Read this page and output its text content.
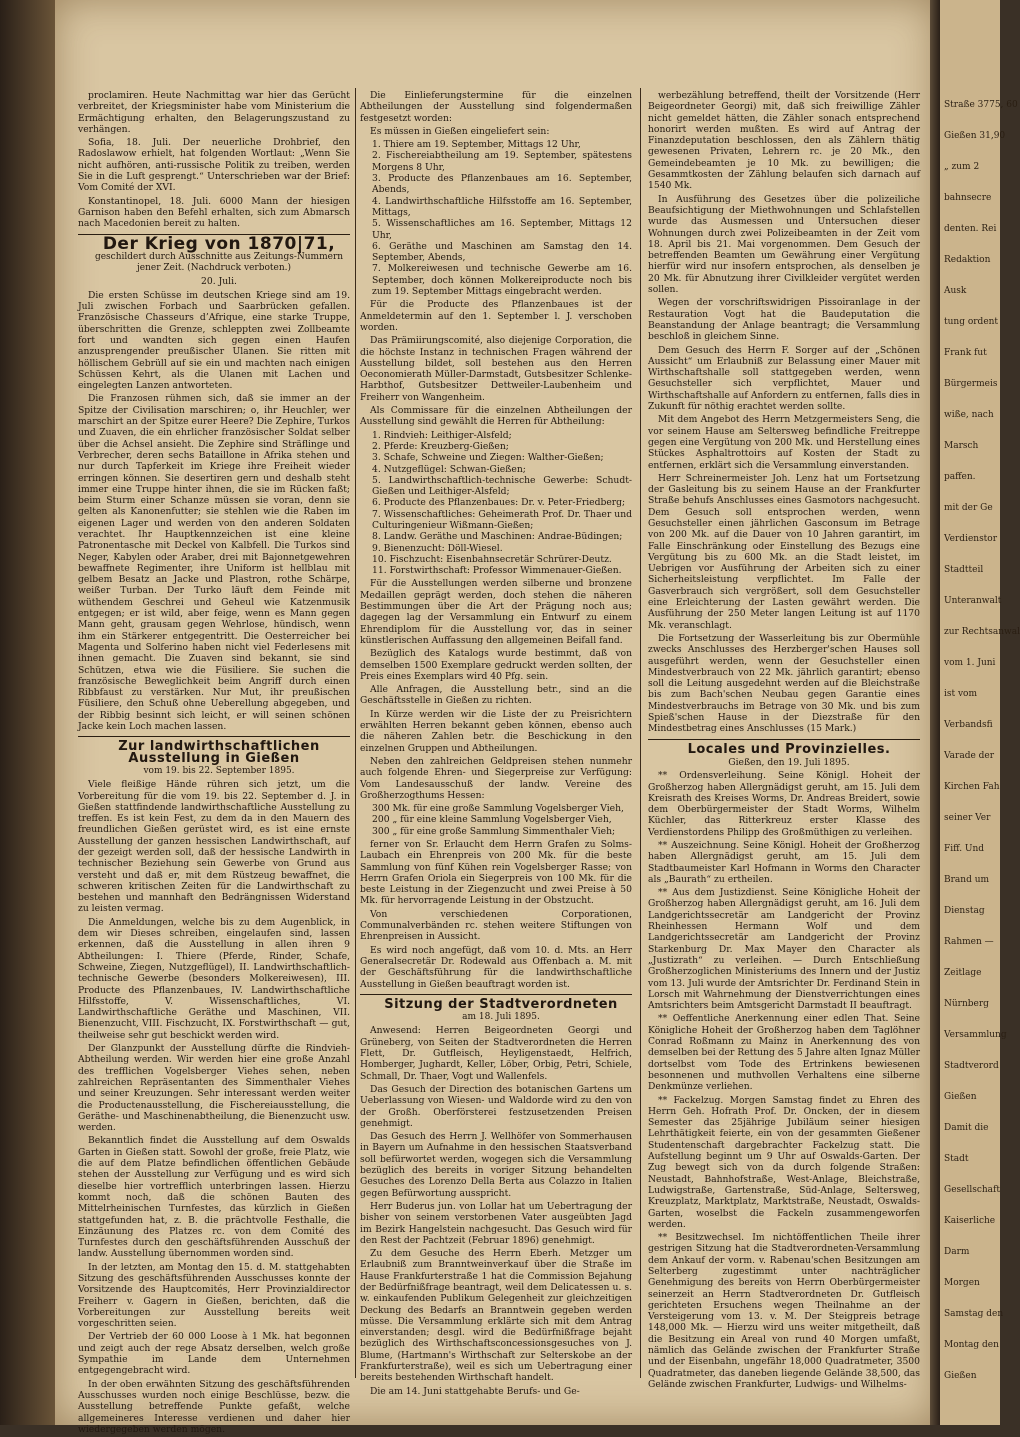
proclamiren. Heute Nachmittag war hier das Gerücht verbreitet, der Kriegsminister habe vom Ministerium die Ermächtigung erhalten, den Belagerungszustand zu verhängen.

Sofia, 18. Juli. Der neuerliche Drohbrief, den Radoslawow erhielt, hat folgenden Wortlaut: „Wenn Sie nicht aufhören, anti-russische Politik zu treiben, werden Sie in die Luft gesprengt.“ Unterschrieben war der Brief: Vom Comité der XVI.

Konstantinopel, 18. Juli. 6000 Mann der hiesigen Garnison haben den Befehl erhalten, sich zum Abmarsch nach Macedonien bereit zu halten.

Der Krieg von 1870|71,

geschildert durch Ausschnitte aus Zeitungs-Nummern jener Zeit. (Nachdruck verboten.)

20. Juli.

Die ersten Schüsse im deutschen Kriege sind am 19. Juli zwischen Forbach und Saarbrücken gefallen. Französische Chasseurs d’Afrique, eine starke Truppe, überschritten die Grenze, schleppten zwei Zollbeamte fort und wandten sich gegen einen Haufen anzusprengender preußischer Ulanen. Sie ritten mit höllischem Gebrüll auf sie ein und machten nach einigen Schüssen Kehrt, als die Ulanen mit Lachen und eingelegten Lanzen antworteten.

Die Franzosen rühmen sich, daß sie immer an der Spitze der Civilisation marschiren; o, ihr Heuchler, wer marschirt an der Spitze eurer Heere? Die Zephire, Turkos und Zuaven, die ein ehrlicher französischer Soldat selber über die Achsel ansieht. Die Zephire sind Sträflinge und Verbrecher, deren sechs Bataillone in Afrika stehen und nur durch Tapferkeit im Kriege ihre Freiheit wieder erringen können. Sie desertiren gern und deshalb steht immer eine Truppe hinter ihnen, die sie im Rücken faßt; beim Sturm einer Schanze müssen sie voran, denn sie gelten als Kanonenfutter; sie stehlen wie die Raben im eigenen Lager und werden von den anderen Soldaten verachtet. Ihr Hauptkennzeichen ist eine kleine Patronentasche mit Deckel von Kalbfell. Die Turkos sind Neger, Kabylen oder Araber, drei mit Bajonnetgewehren bewaffnete Regimenter, ihre Uniform ist hellblau mit gelbem Besatz an Jacke und Plastron, rothe Schärpe, weißer Turban. Der Turko läuft dem Feinde mit wüthendem Geschrei und Geheul wie Katzenmusik entgegen; er ist wild, aber feige, wenn es Mann gegen Mann geht, grausam gegen Wehrlose, hündisch, wenn ihm ein Stärkerer entgegentritt. Die Oesterreicher bei Magenta und Solferino haben nicht viel Federlesens mit ihnen gemacht. Die Zuaven sind bekannt, sie sind Schützen, etwa wie die Füsiliere. Sie suchen die französische Beweglichkeit beim Angriff durch einen Ribbfaust zu verstärken. Nur Mut, ihr preußischen Füsiliere, den Schuß ohne Ueberellung abgegeben, und der Ribbig besinnt sich leicht, er will seinen schönen Jacke kein Loch machen lassen.

Zur landwirthschaftlichen Ausstellung in Gießen

vom 19. bis 22. September 1895.

Viele fleißige Hände rühren sich jetzt, um die Vorbereitung für die vom 19. bis 22. September d. J. in Gießen stattfindende landwirthschaftliche Ausstellung zu treffen. Es ist kein Fest, zu dem da in den Mauern des freundlichen Gießen gerüstet wird, es ist eine ernste Ausstellung der ganzen hessischen Landwirthschaft, auf der gezeigt werden soll, daß der hessische Landwirth in technischer Beziehung sein Gewerbe von Grund aus versteht und daß er, mit dem Rüstzeug bewaffnet, die schweren kritischen Zeiten für die Landwirthschaft zu bestehen und mannhaft den Bedrängnissen Widerstand zu leisten vermag.

Die Anmeldungen, welche bis zu dem Augenblick, in dem wir Dieses schreiben, eingelaufen sind, lassen erkennen, daß die Ausstellung in allen ihren 9 Abtheilungen: I. Thiere (Pferde, Rinder, Schafe, Schweine, Ziegen, Nutzgeflügel), II. Landwirthschaftlich-technische Gewerbe (besonders Molkereiwesen), III. Producte des Pflanzenbaues, IV. Landwirthschaftliche Hilfsstoffe, V. Wissenschaftliches, VI. Landwirthschaftliche Geräthe und Maschinen, VII. Bienenzucht, VIII. Fischzucht, IX. Forstwirthschaft — gut, theilweise sehr gut beschickt werden wird.

Der Glanzpunkt der Ausstellung dürfte die Rindvieh-Abtheilung werden. Wir werden hier eine große Anzahl des trefflichen Vogelsberger Viehes sehen, neben zahlreichen Repräsentanten des Simmenthaler Viehes und seiner Kreuzungen. Sehr interessant werden weiter die Productenausstellung, die Fischereiausstellung, die Geräthe- und Maschinenabtheilung, die Bienenzucht usw. werden.

Bekanntlich findet die Ausstellung auf dem Oswalds Garten in Gießen statt. Sowohl der große, freie Platz, wie die auf dem Platze befindlichen öffentlichen Gebäude stehen der Ausstellung zur Verfügung und es wird sich dieselbe hier vortrefflich unterbringen lassen. Hierzu kommt noch, daß die schönen Bauten des Mittelrheinischen Turnfestes, das kürzlich in Gießen stattgefunden hat, z. B. die prächtvolle Festhalle, die Einzäunung des Platzes rc. von dem Comité des Turnfestes durch den geschäftsführenden Ausschuß der landw. Ausstellung übernommen worden sind.

In der letzten, am Montag den 15. d. M. stattgehabten Sitzung des geschäftsführenden Ausschusses konnte der Vorsitzende des Hauptcomités, Herr Provinzialdirector Freiherr v. Gagern in Gießen, berichten, daß die Vorbereitungen zur Ausstellung bereits weit vorgeschritten seien.

Der Vertrieb der 60 000 Loose à 1 Mk. hat begonnen und zeigt auch der rege Absatz derselben, welch große Sympathie im Lande dem Unternehmen entgegengebracht wird.

In der oben erwähnten Sitzung des geschäftsführenden Ausschusses wurden noch einige Beschlüsse, bezw. die Ausstellung betreffende Punkte gefaßt, welche allgemeineres Interesse verdienen und daher hier wiedergegeben werden mögen.

Die Einlieferungstermine für die einzelnen Abtheilungen der Ausstellung sind folgendermaßen festgesetzt worden:

Es müssen in Gießen eingeliefert sein:

1. Thiere am 19. September, Mittags 12 Uhr,
2. Fischereiabtheilung am 19. September, spätestens Morgens 8 Uhr,
3. Producte des Pflanzenbaues am 16. September, Abends,
4. Landwirthschaftliche Hilfsstoffe am 16. September, Mittags,
5. Wissenschaftliches am 16. September, Mittags 12 Uhr,
6. Geräthe und Maschinen am Samstag den 14. September, Abends,
7. Molkereiwesen und technische Gewerbe am 16. September, doch können Molkereiproducte noch bis zum 19. September Mittags eingebracht werden.

Für die Producte des Pflanzenbaues ist der Anmeldetermin auf den 1. September l. J. verschoben worden.

Das Prämiirungscomité, also diejenige Corporation, die die höchste Instanz in technischen Fragen während der Ausstellung bildet, soll bestehen aus den Herren Oeconomierath Müller-Darmstadt, Gutsbesitzer Schlenke-Harbthof, Gutsbesitzer Dettweiler-Laubenheim und Freiherr von Wangenheim.

Als Commissare für die einzelnen Abtheilungen der Ausstellung sind gewählt die Herren für Abtheilung:

1. Rindvieh: Leithiger-Alsfeld;
2. Pferde: Kreuzberg-Gießen;
3. Schafe, Schweine und Ziegen: Walther-Gießen;
4. Nutzgeflügel: Schwan-Gießen;
5. Landwirthschaftlich-technische Gewerbe: Schudt-Gießen und Leithiger-Alsfeld;
6. Producte des Pflanzenbaues: Dr. v. Peter-Friedberg;
7. Wissenschaftliches: Geheimerath Prof. Dr. Thaer und Culturingenieur Wißmann-Gießen;
8. Landw. Geräthe und Maschinen: Andrae-Büdingen;
9. Bienenzucht: Döll-Wiesel.
10. Fischzucht: Eisenbahnsecretär Schrürer-Deutz.
11. Forstwirthschaft: Professor Wimmenauer-Gießen.

Für die Ausstellungen werden silberne und bronzene Medaillen geprägt werden, doch stehen die näheren Bestimmungen über die Art der Prägung noch aus; dagegen lag der Versammlung ein Entwurf zu einem Ehrendiplom für die Ausstellung vor, das in seiner künstlerischen Auffassung den allgemeinen Beifall fand.

Bezüglich des Katalogs wurde bestimmt, daß von demselben 1500 Exemplare gedruckt werden sollten, der Preis eines Exemplars wird 40 Pfg. sein.

Alle Anfragen, die Ausstellung betr., sind an die Geschäftsstelle in Gießen zu richten.

In Kürze werden wir die Liste der zu Preisrichtern erwählten Herren bekannt geben können, ebenso auch die näheren Zahlen betr. die Beschickung in den einzelnen Gruppen und Abtheilungen.

Neben den zahlreichen Geldpreisen stehen nunmehr auch folgende Ehren- und Siegerpreise zur Verfügung: Vom Landesausschuß der landw. Vereine des Großherzogthums Hessen:

300 Mk. für eine große Sammlung Vogelsberger Vieh,
200 „ für eine kleine Sammlung Vogelsberger Vieh,
300 „ für eine große Sammlung Simmenthaler Vieh;

ferner von Sr. Erlaucht dem Herrn Grafen zu Solms-Laubach ein Ehrenpreis von 200 Mk. für die beste Sammlung von fünf Kühen rein Vogelsberger Rasse; von Herrn Grafen Oriola ein Siegerpreis von 100 Mk. für die beste Leistung in der Ziegenzucht und zwei Preise à 50 Mk. für hervorragende Leistung in der Obstzucht.

Von verschiedenen Corporationen, Communalverbänden rc. stehen weitere Stiftungen von Ehrenpreisen in Aussicht.

Es wird noch angefügt, daß vom 10. d. Mts. an Herr Generalsecretär Dr. Rodewald aus Offenbach a. M. mit der Geschäftsführung für die landwirthschaftliche Ausstellung in Gießen beauftragt worden ist.

Sitzung der Stadtverordneten

am 18. Juli 1895.

Anwesend: Herren Beigeordneten Georgi und Grüneberg, von Seiten der Stadtverordneten die Herren Flett, Dr. Gutfleisch, Heyligenstaedt, Helfrich, Homberger, Jughardt, Keller, Löber, Orbig, Petri, Schiele, Schmall, Dr. Thaer, Vogt und Wallenfels.

Das Gesuch der Direction des botanischen Gartens um Ueberlassung von Wiesen- und Waldorde wird zu den von der Großh. Oberförsterei festzusetzenden Preisen genehmigt.

Das Gesuch des Herrn J. Wellhöfer von Sommerhausen in Bayern um Aufnahme in den hessischen Staatsverband soll befürwortet werden, wogegen sich die Versammlung bezüglich des bereits in voriger Sitzung behandelten Gesuches des Lorenzo Della Berta aus Colazzo in Italien gegen Befürwortung ausspricht.

Herr Buderus jun. von Lollar hat um Uebertragung der bisher von seinem verstorbenen Vater ausgeübten Jagd im Bezirk Hangelstein nachgesucht. Das Gesuch wird für den Rest der Pachtzeit (Februar 1896) genehmigt.

Zu dem Gesuche des Herrn Eberh. Metzger um Erlaubniß zum Branntweinverkauf über die Straße im Hause Frankfurterstraße 1 hat die Commission Bejahung der Bedürfnißfrage beantragt, weil dem Delicatessen u. s. w. einkaufenden Publikum Gelegenheit zur gleichzeitigen Deckung des Bedarfs an Branntwein gegeben werden müsse. Die Versammlung erklärte sich mit dem Antrag einverstanden; desgl. wird die Bedürfnißfrage bejaht bezüglich des Wirthschaftsconcessionsgesuches von J. Blume, (Hartmann's Wirthschaft zur Selterskobe an der Frankfurterstraße), weil es sich um Uebertragung einer bereits bestehenden Wirthschaft handelt.

Die am 14. Juni stattgehabte Berufs- und Ge-

werbezählung betreffend, theilt der Vorsitzende (Herr Beigeordneter Georgi) mit, daß sich freiwillige Zähler nicht gemeldet hätten, die Zähler sonach entsprechend honorirt werden mußten. Es wird auf Antrag der Finanzdeputation beschlossen, den als Zählern thätig gewesenen Privaten, Lehrern rc. je 20 Mk., den Gemeindebeamten je 10 Mk. zu bewilligen; die Gesammtkosten der Zählung belaufen sich darnach auf 1540 Mk.

In Ausführung des Gesetzes über die polizeiliche Beaufsichtigung der Miethwohnungen und Schlafstellen wurde das Ausmessen und Untersuchen dieser Wohnungen durch zwei Polizeibeamten in der Zeit vom 18. April bis 21. Mai vorgenommen. Dem Gesuch der betreffenden Beamten um Gewährung einer Vergütung hierfür wird nur insofern entsprochen, als denselben je 20 Mk. für Abnutzung ihrer Civilkleider vergütet werden sollen.

Wegen der vorschriftswidrigen Pissoiranlage in der Restauration Vogt hat die Baudeputation die Beanstandung der Anlage beantragt; die Versammlung beschloß in gleichem Sinne.

Dem Gesuch des Herrn F. Sorger auf der „Schönen Aussicht“ um Erlaubniß zur Belassung einer Mauer mit Wirthschaftshalle soll stattgegeben werden, wenn Gesuchsteller sich verpflichtet, Mauer und Wirthschaftshalle auf Anfordern zu entfernen, falls dies in Zukunft für nöthig erachtet werden sollte.

Mit dem Angebot des Herrn Metzgermeisters Seng, die vor seinem Hause am Seltersweg befindliche Freitreppe gegen eine Vergütung von 200 Mk. und Herstellung eines Stückes Asphaltrottoirs auf Kosten der Stadt zu entfernen, erklärt sich die Versammlung einverstanden.

Herr Schreinermeister Joh. Lenz hat um Fortsetzung der Gasleitung bis zu seinem Hause an der Frankfurter Straße behufs Anschlusses eines Gasmotors nachgesucht. Dem Gesuch soll entsprochen werden, wenn Gesuchsteller einen jährlichen Gasconsum im Betrage von 200 Mk. auf die Dauer von 10 Jahren garantirt, im Falle Einschränkung oder Einstellung des Bezugs eine Vergütung bis zu 600 Mk. an die Stadt leistet, im Uebrigen vor Ausführung der Arbeiten sich zu einer Sicherheitsleistung verpflichtet. Im Falle der Gasverbrauch sich vergrößert, soll dem Gesuchsteller eine Erleichterung der Lasten gewährt werden. Die Ausführung der 250 Meter langen Leitung ist auf 1170 Mk. veranschlagt.

Die Fortsetzung der Wasserleitung bis zur Obermühle zwecks Anschlusses des Herzberger'schen Hauses soll ausgeführt werden, wenn der Gesuchsteller einen Mindestverbrauch von 22 Mk. jährlich garantirt; ebenso soll die Leitung ausgedehnt werden auf die Bleichstraße bis zum Bach'schen Neubau gegen Garantie eines Mindestverbrauchs im Betrage von 30 Mk. und bis zum Spieß'schen Hause in der Diezstraße für den Mindestbetrag eines Anschlusses (15 Mark.)

Locales und Provinzielles.

Gießen, den 19. Juli 1895.

** Ordensverleihung. Seine Königl. Hoheit der Großherzog haben Allergnädigst geruht, am 15. Juli dem Kreisrath des Kreises Worms, Dr. Andreas Breidert, sowie dem Oberbürgermeister der Stadt Worms, Wilhelm Küchler, das Ritterkreuz erster Klasse des Verdienstordens Philipp des Großmüthigen zu verleihen.

** Auszeichnung. Seine Königl. Hoheit der Großherzog haben Allergnädigst geruht, am 15. Juli dem Stadtbaumeister Karl Hofmann in Worms den Character als „Baurath“ zu ertheilen.

** Aus dem Justizdienst. Seine Königliche Hoheit der Großherzog haben Allergnädigst geruht, am 16. Juli dem Landgerichtssecretär am Landgericht der Provinz Rheinhessen Hermann Wolf und dem Landgerichtssecretär am Landgericht der Provinz Starkenburg Dr. Max Mayer den Character als „Justizrath“ zu verleihen. — Durch Entschließung Großherzoglichen Ministeriums des Innern und der Justiz vom 13. Juli wurde der Amtsrichter Dr. Ferdinand Stein in Lorsch mit Wahrnehmung der Dienstverrichtungen eines Amtsrichters beim Amtsgericht Darmstadt II beauftragt.

** Oeffentliche Anerkennung einer edlen That. Seine Königliche Hoheit der Großherzog haben dem Taglöhner Conrad Roßmann zu Mainz in Anerkennung des von demselben bei der Rettung des 5 Jahre alten Ignaz Müller dortselbst vom Tode des Ertrinkens bewiesenen besonnenen und muthvollen Verhaltens eine silberne Denkmünze verliehen.

** Fackelzug. Morgen Samstag findet zu Ehren des Herrn Geh. Hofrath Prof. Dr. Oncken, der in diesem Semester das 25jährige Jubiläum seiner hiesigen Lehrthätigkeit feierte, ein von der gesammten Gießener Studentenschaft dargebrachter Fackelzug statt. Die Aufstellung beginnt um 9 Uhr auf Oswalds-Garten. Der Zug bewegt sich von da durch folgende Straßen: Neustadt, Bahnhofstraße, West-Anlage, Bleichstraße, Ludwigstraße, Gartenstraße, Süd-Anlage, Seltersweg, Kreuzplatz, Marktplatz, Marktstraße, Neustadt, Oswalds-Garten, woselbst die Fackeln zusammengeworfen werden.

** Besitzwechsel. Im nichtöffentlichen Theile ihrer gestrigen Sitzung hat die Stadtverordneten-Versammlung dem Ankauf der vorm. v. Rabenau'schen Besitzungen am Selterberg zugestimmt unter nachträglicher Genehmigung des bereits von Herrn Oberbürgermeister seinerzeit an Herrn Stadtverordneten Dr. Gutfleisch gerichteten Ersuchens wegen Theilnahme an der Versteigerung vom 13. v. M. Der Steigpreis betrage 148,000 Mk. — Hierzu wird uns weiter mitgetheilt, daß die Besitzung ein Areal von rund 40 Morgen umfaßt, nämlich das Gelände zwischen der Frankfurter Straße und der Eisenbahn, ungefähr 18,000 Quadratmeter, 3500 Quadratmeter, das daneben liegende Gelände 38,500, das Gelände zwischen Frankfurter, Ludwigs- und Wilhelms-

Straße 3775, 60
Gießen 31,90
„ zum 2
bahnsecre
denten. Rei
Redaktion
Ausk
tung ordent
Frank fut
Bürgermeis
wiße, nach
Marsch
paffen.
mit der Ge
Verdienstor
Stadtteil
Unteranwalt
zur Rechtsanwal
vom 1. Juni
ist vom
Verbandsfi
Varade der
Kirchen Fah
seiner Ver
Fiff. Und
Brand um
Dienstag
Rahmen —
Zeitlage
Nürnberg
Versammlung
Stadtverord
Gießen
Damit die
Stadt
Gesellschaft
Kaiserliche
Darm
Morgen
Samstag den
Montag den
Gießen
